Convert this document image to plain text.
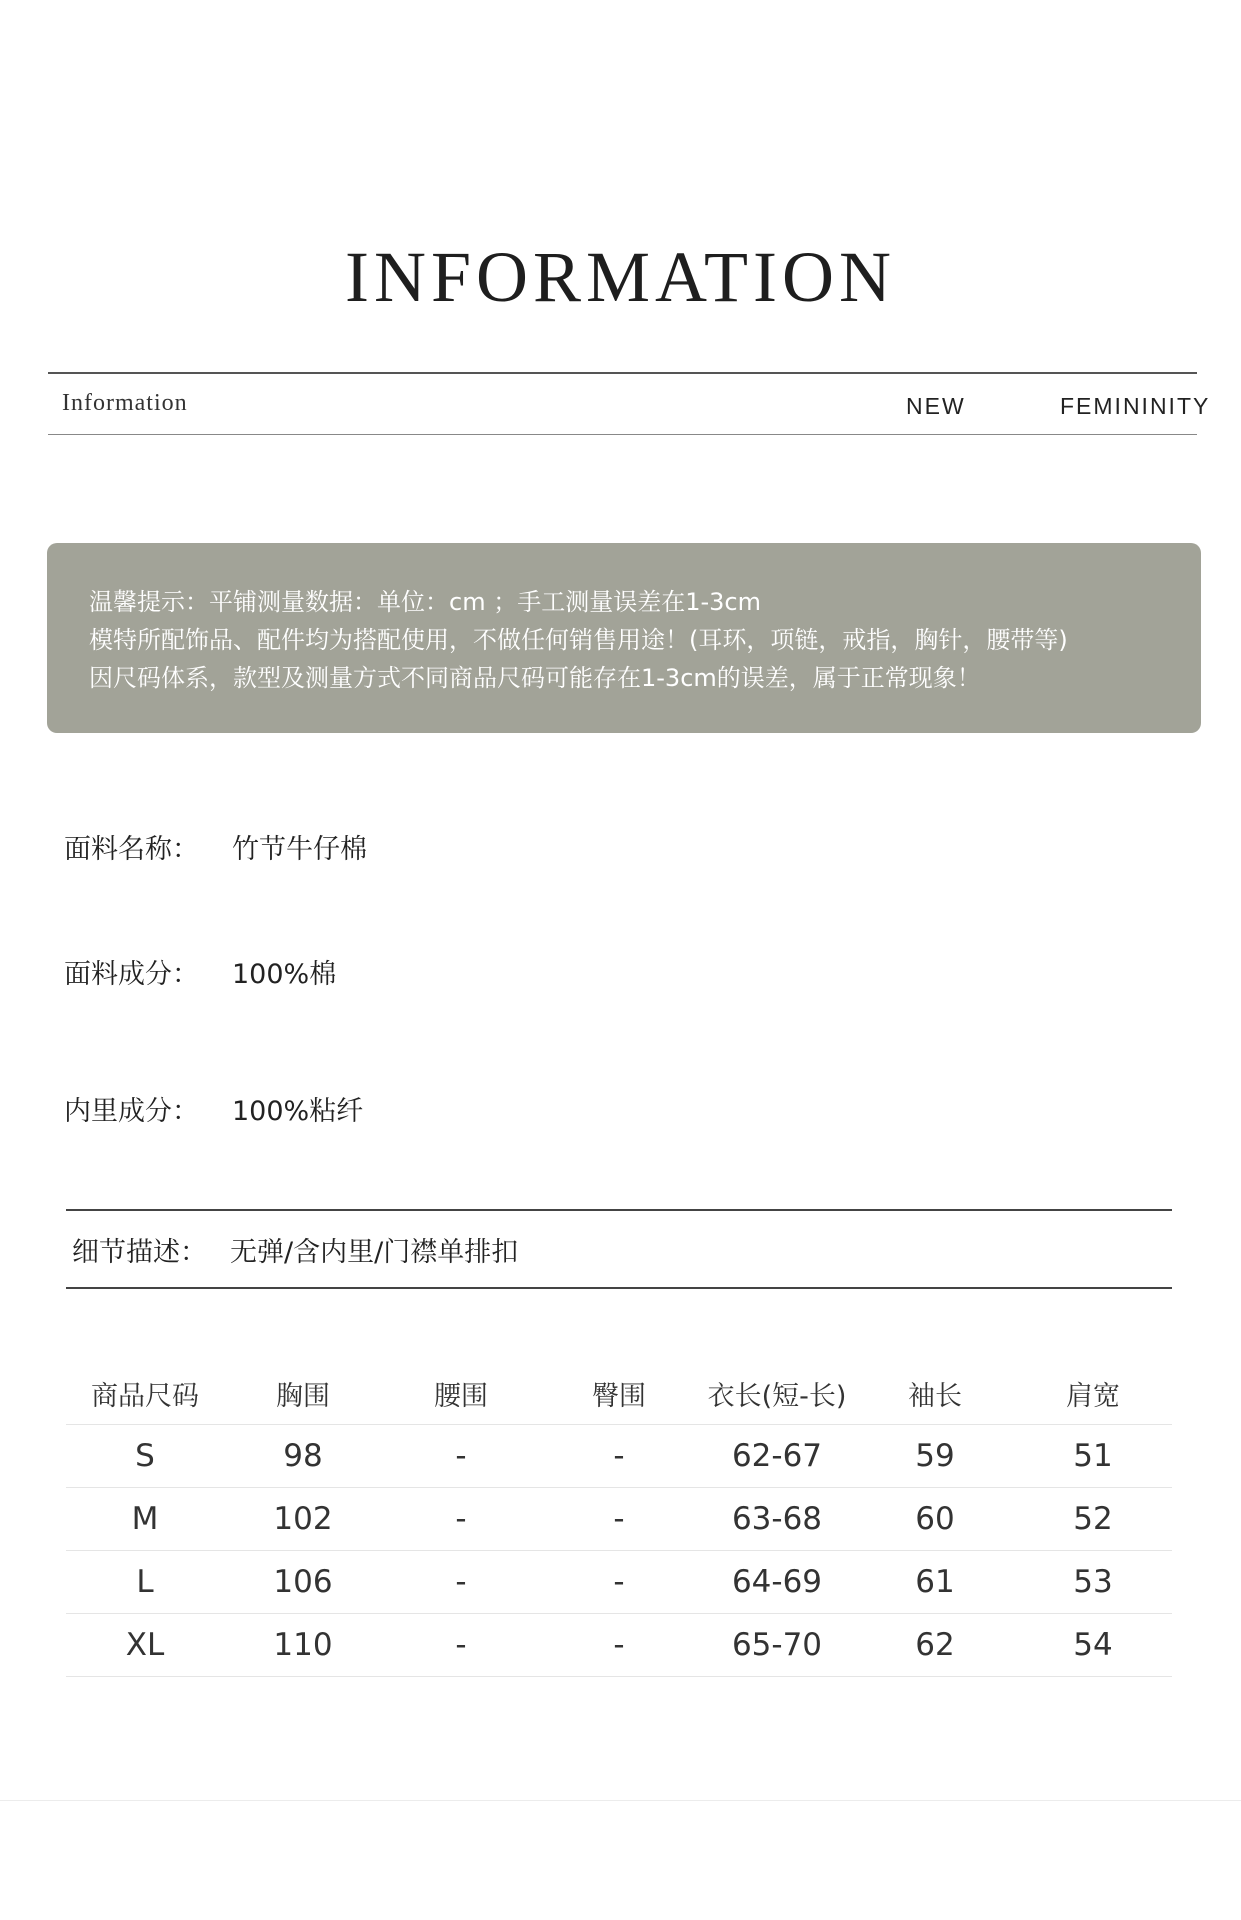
INFORMATION
Information	NEW	FEMININITY
温馨提示：平铺测量数据：单位：cm ；手工测量误差在1-3cm
模特所配饰品、配件均为搭配使用，不做任何销售用途！(耳环，项链，戒指，胸针，腰带等)
因尺码体系，款型及测量方式不同商品尺码可能存在1-3cm的误差，属于正常现象！
面料名称： 竹节牛仔棉
面料成分： 100%棉
内里成分： 100%粘纤
细节描述： 无弹/含内里/门襟单排扣
商品尺码	胸围	腰围	臀围	衣长(短-长)	袖长	肩宽
S	98	-	-	62-67	59	51
M	102	-	-	63-68	60	52
L	106	-	-	64-69	61	53
XL	110	-	-	65-70	62	54
